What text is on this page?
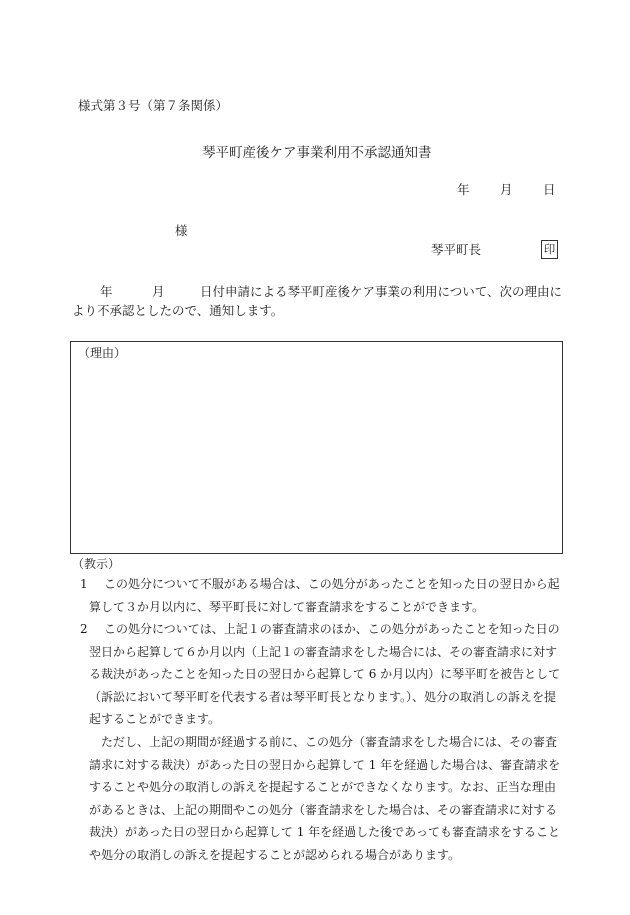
様式第３号（第７条関係）
琴平町産後ケア事業利用不承認通知書
年 月 日
様
琴平町長	印
年	月	日付申請による琴平町産後ケア事業の利用について、次の理由に
より不承認としたので、通知します。
（理由）
（教示）
1 この処分について不服がある場合は、この処分があったことを知った日の翌日から起
算して３か月以内に、琴平町長に対して審査請求をすることができます。
2 この処分については、上記１の審査請求のほか、この処分があったことを知った日の
翌日から起算して６か月以内（上記１の審査請求をした場合には、その審査請求に対す
る裁決があったことを知った日の翌日から起算して 6 か月以内）に琴平町を被告として
（訴訟において琴平町を代表する者は琴平町長となります。）、処分の取消しの訴えを提
起することができます。
　ただし、上記の期間が経過する前に、この処分（審査請求をした場合には、その審査
請求に対する裁決）があった日の翌日から起算して 1 年を経過した場合は、審査請求を
することや処分の取消しの訴えを提起することができなくなります。なお、正当な理由
があるときは、上記の期間やこの処分（審査請求をした場合は、その審査請求に対する
裁決）があった日の翌日から起算して 1 年を経過した後であっても審査請求をすること
や処分の取消しの訴えを提起することが認められる場合があります。
